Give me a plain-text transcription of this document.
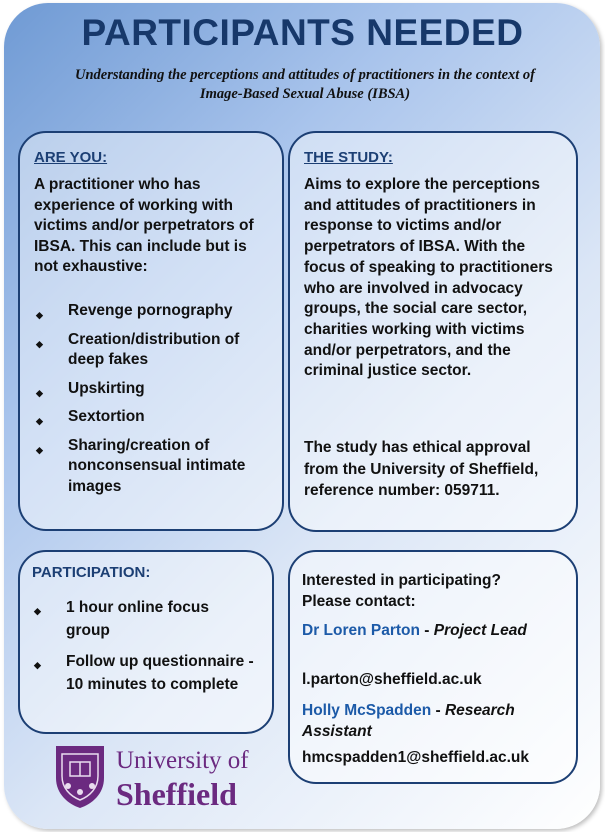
PARTICIPANTS NEEDED
Understanding the perceptions and attitudes of practitioners in the context of Image-Based Sexual Abuse (IBSA)
ARE YOU:
A practitioner who has experience of working with victims and/or perpetrators of IBSA. This can include but is not exhaustive:
◆ Revenge pornography
◆ Creation/distribution of deep fakes
◆ Upskirting
◆ Sextortion
◆ Sharing/creation of nonconsensual intimate images
THE STUDY:
Aims to explore the perceptions and attitudes of practitioners in response to victims and/or perpetrators of IBSA. With the focus of speaking to practitioners who are involved in advocacy groups, the social care sector, charities working with victims and/or perpetrators, and the criminal justice sector.
The study has ethical approval from the University of Sheffield, reference number: 059711.
PARTICIPATION:
◆ 1 hour online focus group
◆ Follow up questionnaire - 10 minutes to complete
Interested in participating? Please contact:
Dr Loren Parton - Project Lead
l.parton@sheffield.ac.uk
Holly McSpadden - Research Assistant
hmcspadden1@sheffield.ac.uk
University of
Sheffield
